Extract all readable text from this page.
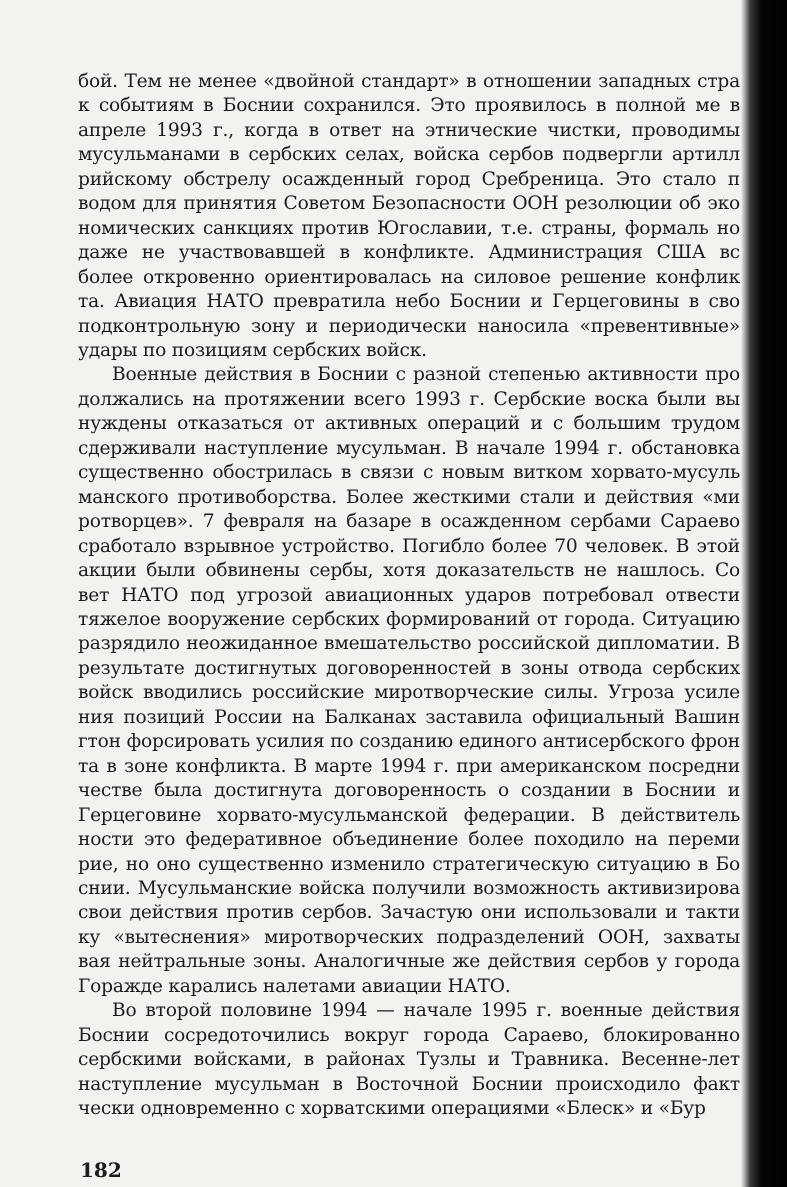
бой. Тем не менее «двойной стандарт» в отношении западных стра к событиям в Боснии сохранился. Это проявилось в полной ме в апреле 1993 г., когда в ответ на этнические чистки, проводимы мусульманами в сербских селах, войска сербов подвергли артилл рийскому обстрелу осажденный город Сребреница. Это стало п водом для принятия Советом Безопасности ООН резолюции об эко номических санкциях против Югославии, т.е. страны, формаль но даже не участвовавшей в конфликте. Администрация США вс более откровенно ориентировалась на силовое решение конфлик та. Авиация НАТО превратила небо Боснии и Герцеговины в сво подконтрольную зону и периодически наносила «превентивные» удары по позициям сербских войск.

Военные действия в Боснии с разной степенью активности про должались на протяжении всего 1993 г. Сербские воска были вы нуждены отказаться от активных операций и с большим трудом сдерживали наступление мусульман. В начале 1994 г. обстановка существенно обострилась в связи с новым витком хорвато-мусуль манского противоборства. Более жесткими стали и действия «ми ротворцев». 7 февраля на базаре в осажденном сербами Сараево сработало взрывное устройство. Погибло более 70 человек. В этой акции были обвинены сербы, хотя доказательств не нашлось. Со вет НАТО под угрозой авиационных ударов потребовал отвести тяжелое вооружение сербских формирований от города. Ситуацию разрядило неожиданное вмешательство российской дипломатии. В результате достигнутых договоренностей в зоны отвода сербских войск вводились российские миротворческие силы. Угроза усиле ния позиций России на Балканах заставила официальный Вашин гтон форсировать усилия по созданию единого антисербского фрон та в зоне конфликта. В марте 1994 г. при американском посредни честве была достигнута договоренность о создании в Боснии и Герцеговине хорвато-мусульманской федерации. В действитель ности это федеративное объединение более походило на переми рие, но оно существенно изменило стратегическую ситуацию в Бо снии. Мусульманские войска получили возможность активизирова свои действия против сербов. Зачастую они использовали и такти ку «вытеснения» миротворческих подразделений ООН, захваты вая нейтральные зоны. Аналогичные же действия сербов у города Горажде карались налетами авиации НАТО.

Во второй половине 1994 — начале 1995 г. военные действия Боснии сосредоточились вокруг города Сараево, блокированно сербскими войсками, в районах Тузлы и Травника. Весенне-лет наступление мусульман в Восточной Боснии происходило факт чески одновременно с хорватскими операциями «Блеск» и «Бур

182
